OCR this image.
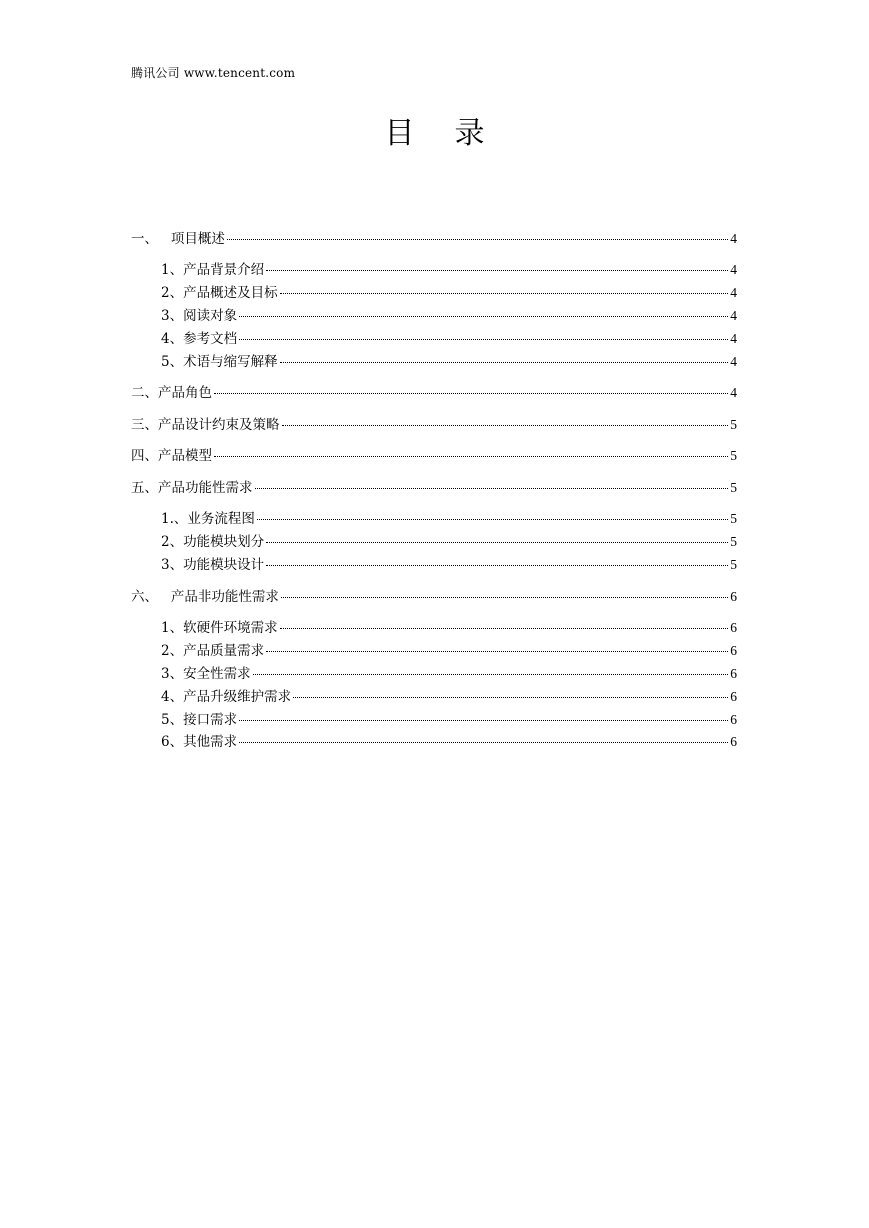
腾讯公司 www.tencent.com
目录
一、   项目概述	4
1、产品背景介绍	4
2、产品概述及目标	4
3、阅读对象	4
4、参考文档	4
5、术语与缩写解释	4
二、产品角色	4
三、产品设计约束及策略	5
四、产品模型	5
五、产品功能性需求	5
1.、业务流程图	5
2、功能模块划分	5
3、功能模块设计	5
六、   产品非功能性需求	6
1、软硬件环境需求	6
2、产品质量需求	6
3、安全性需求	6
4、产品升级维护需求	6
5、接口需求	6
6、其他需求	6
